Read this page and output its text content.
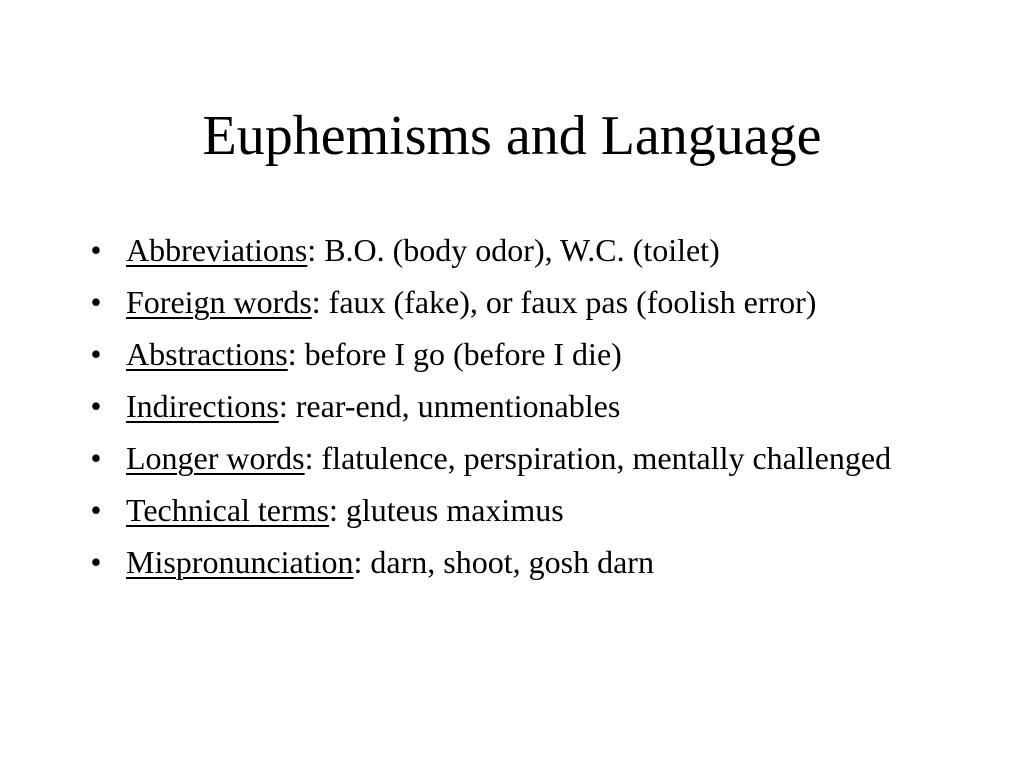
Euphemisms and Language
• Abbreviations: B.O. (body odor), W.C. (toilet)
• Foreign words: faux (fake), or faux pas (foolish error)
• Abstractions: before I go (before I die)
• Indirections: rear-end, unmentionables
• Longer words: flatulence, perspiration, mentally challenged
• Technical terms: gluteus maximus
• Mispronunciation: darn, shoot, gosh darn
